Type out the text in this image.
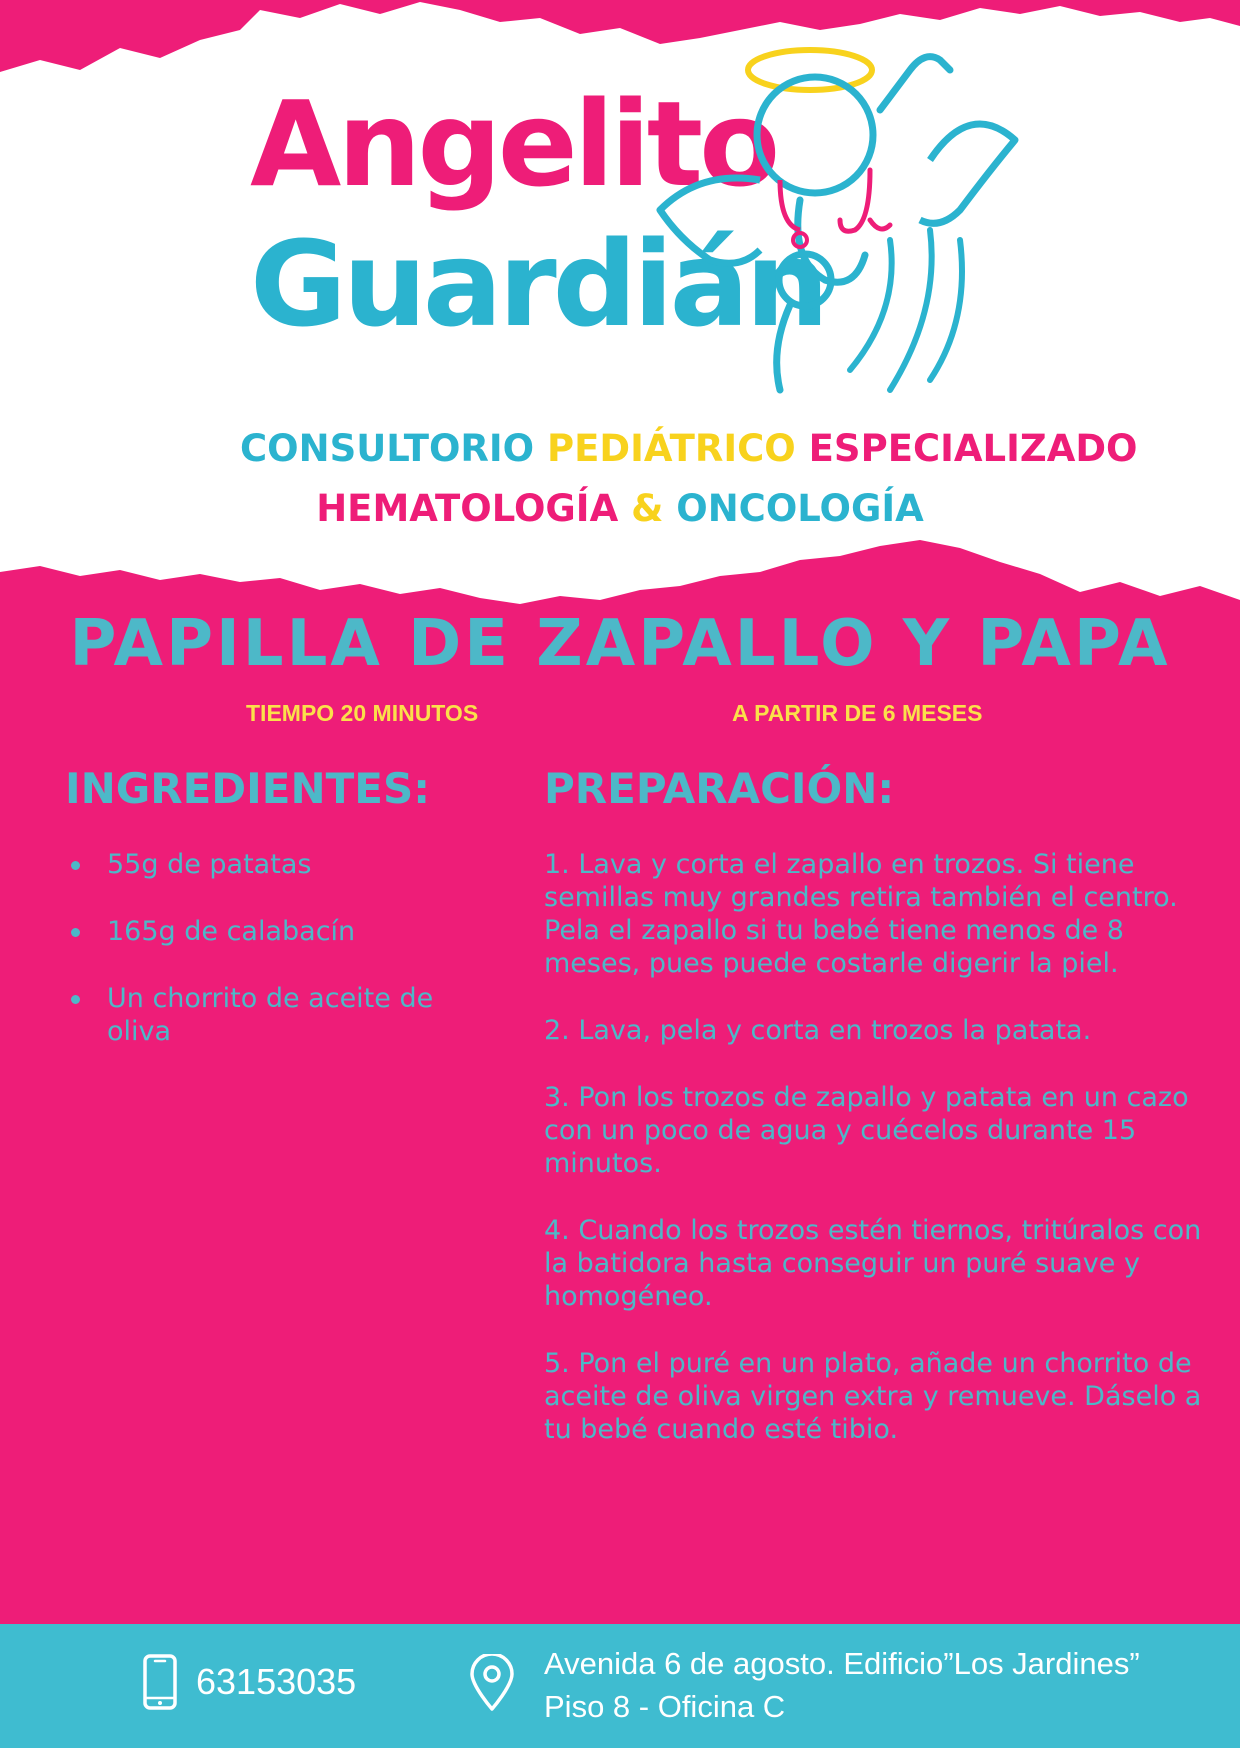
Angelito
Guardián
CONSULTORIO PEDIÁTRICO ESPECIALIZADO
HEMATOLOGÍA & ONCOLOGÍA
PAPILLA DE ZAPALLO Y PAPA
TIEMPO 20 MINUTOS	A PARTIR DE 6 MESES
INGREDIENTES:
55g de patatas
165g de calabacín
Un chorrito de aceite de oliva
PREPARACIÓN:

1. Lava y corta el zapallo en trozos. Si tiene semillas muy grandes retira también el centro. Pela el zapallo si tu bebé tiene menos de 8 meses, pues puede costarle digerir la piel.

2. Lava, pela y corta en trozos la patata.

3. Pon los trozos de zapallo y patata en un cazo con un poco de agua y cuécelos durante 15 minutos.

4. Cuando los trozos estén tiernos, tritúralos con la batidora hasta conseguir un puré suave y homogéneo.

5. Pon el puré en un plato, añade un chorrito de aceite de oliva virgen extra y remueve. Dáselo a tu bebé cuando esté tibio.

63153035	Avenida 6 de agosto. Edificio”Los Jardines”
Piso 8 - Oficina C
